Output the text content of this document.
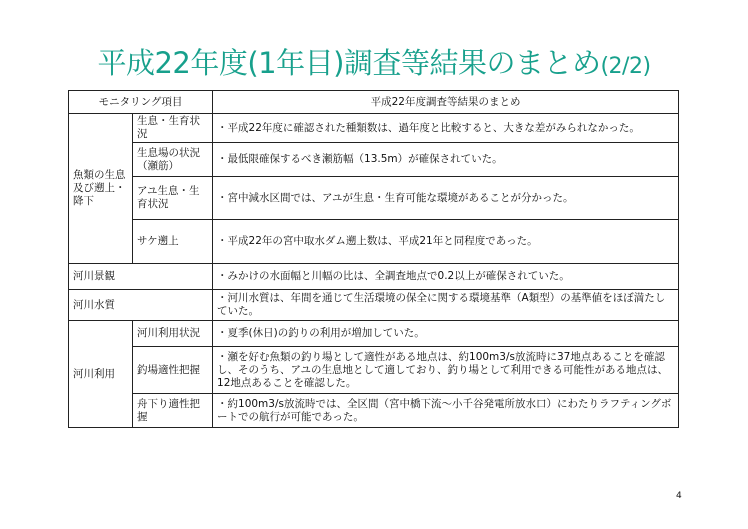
平成22年度(1年目)調査等結果のまとめ(2/2)
モニタリング項目		平成22年度調査等結果のまとめ
魚類の生息及び遡上・降下	生息・生育状況	・平成22年度に確認された種類数は、過年度と比較すると、大きな差がみられなかった。
	生息場の状況（瀬筋）	・最低限確保するべき瀬筋幅（13.5m）が確保されていた。
	アユ生息・生育状況	・宮中減水区間では、アユが生息・生育可能な環境があることが分かった。
	サケ遡上	・平成22年の宮中取水ダム遡上数は、平成21年と同程度であった。
河川景観		・みかけの水面幅と川幅の比は、全調査地点で0.2以上が確保されていた。
河川水質		・河川水質は、年間を通じて生活環境の保全に関する環境基準（A類型）の基準値をほぼ満たしていた。
河川利用	河川利用状況	・夏季(休日)の釣りの利用が増加していた。
	釣場適性把握	・瀬を好む魚類の釣り場として適性がある地点は、約100m3/s放流時に37地点あることを確認し、そのうち、アユの生息地として適しており、釣り場として利用できる可能性がある地点は、12地点あることを確認した。
	舟下り適性把握	・約100m3/s放流時では、全区間（宮中橋下流～小千谷発電所放水口）にわたりラフティングボートでの航行が可能であった。
4
